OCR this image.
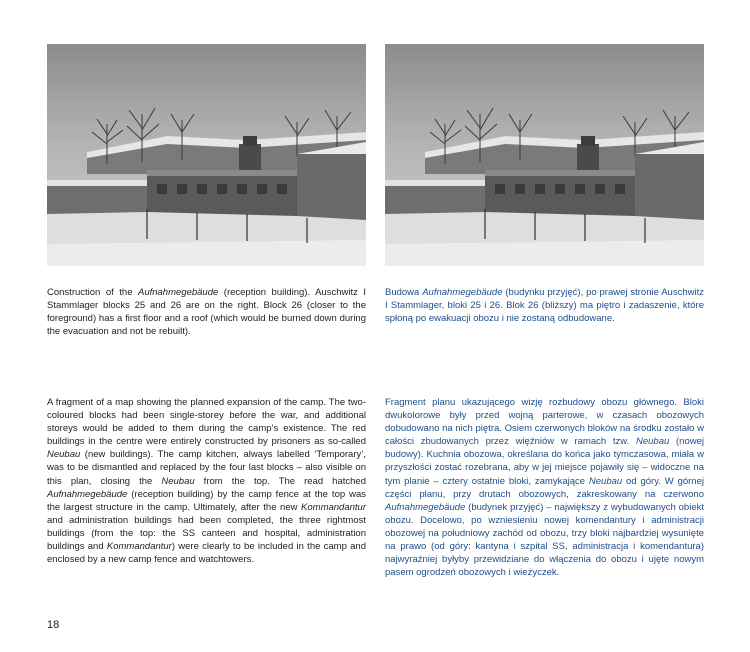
Construction of the Aufnahmegebäude (reception building). Auschwitz I Stammlager blocks 25 and 26 are on the right. Block 26 (closer to the foreground) has a first floor and a roof (which would be burned down during the evacuation and not be rebuilt).

Budowa Aufnahmegebäude (budynku przyjęć), po prawej stronie Auschwitz I Stammlager, bloki 25 i 26. Blok 26 (bliższy) ma piętro i zadaszenie, które spłoną po ewakuacji obozu i nie zostaną odbudowane.

A fragment of a map showing the planned expansion of the camp. The two-coloured blocks had been single-storey before the war, and additional storeys would be added to them during the camp’s existence. The red buildings in the centre were entirely constructed by prisoners as so-called Neubau (new buildings). The camp kitchen, always labelled ‘Temporary’, was to be dismantled and replaced by the four last blocks – also visible on this plan, closing the Neubau from the top. The read hatched Aufnahmegebäude (reception building) by the camp fence at the top was the largest structure in the camp. Ultimately, after the new Kommandantur and administration buildings had been completed, the three rightmost buildings (from the top: the SS canteen and hospital, administration buildings and Kommandantur) were clearly to be included in the camp and enclosed by a new camp fence and watchtowers.

Fragment planu ukazującego wizję rozbudowy obozu głównego. Bloki dwukolorowe były przed wojną parterowe, w czasach obozowych dobudowano na nich piętra. Osiem czerwonych bloków na środku zostało w całości zbudowanych przez więźniów w ramach tzw. Neubau (nowej budowy). Kuchnia obozowa, określana do końca jako tymczasowa, miała w przyszłości zostać rozebrana, aby w jej miejsce pojawiły się – widoczne na tym planie – cztery ostatnie bloki, zamykające Neubau od góry. W górnej części planu, przy drutach obozowych, zakreskowany na czerwono Aufnahmegebäude (budynek przyjęć) – największy z wybudowanych obiekt obozu. Docelowo, po wzniesieniu nowej komendantury i administracji obozowej na południowy zachód od obozu, trzy bloki najbardziej wysunięte na prawo (od góry: kantyna i szpital SS, administracja i komendantura) najwyraźniej byłyby przewidziane do włączenia do obozu i ujęte nowym pasem ogrodzeń obozowych i wieżyczek.

18
